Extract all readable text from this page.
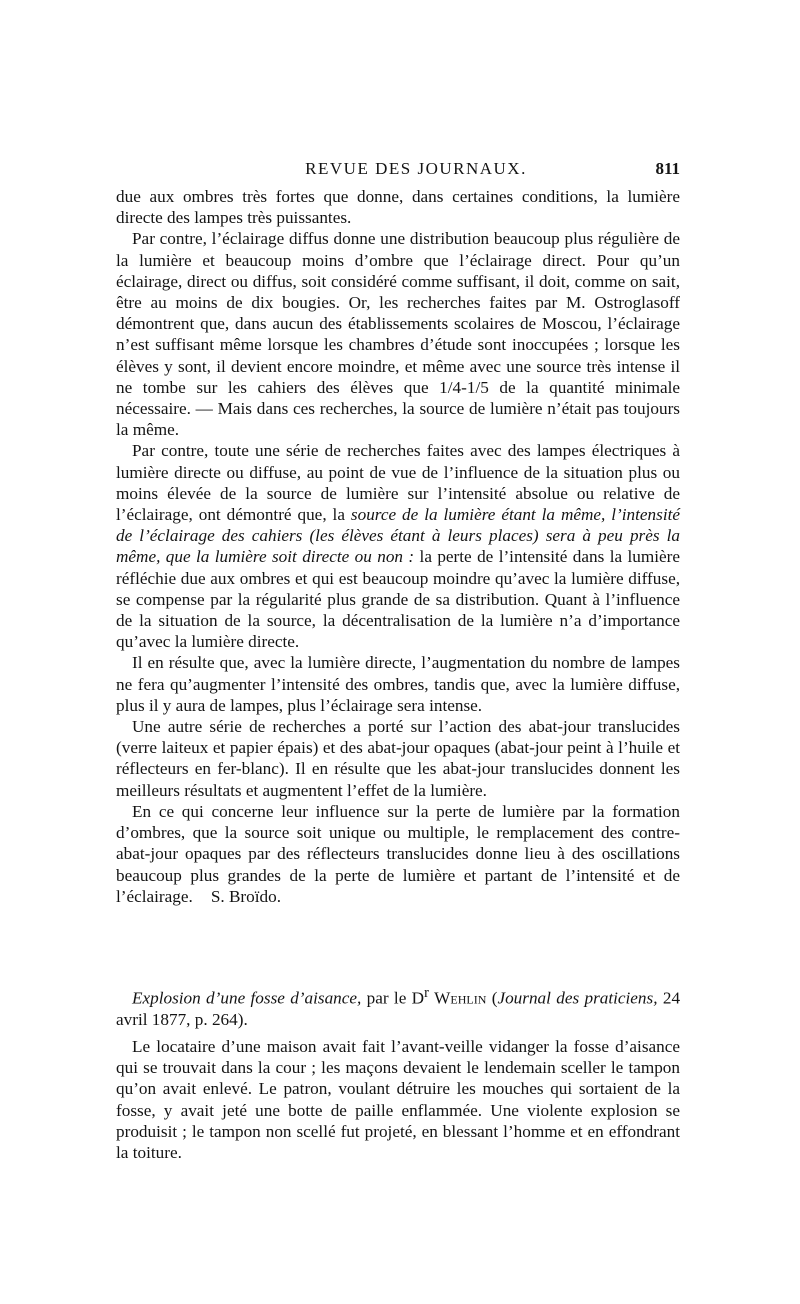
REVUE DES JOURNAUX.	811

due aux ombres très fortes que donne, dans certaines conditions, la lumière directe des lampes très puissantes.

Par contre, l’éclairage diffus donne une distribution beaucoup plus régulière de la lumière et beaucoup moins d’ombre que l’éclairage direct. Pour qu’un éclairage, direct ou diffus, soit considéré comme suffisant, il doit, comme on sait, être au moins de dix bougies. Or, les recherches faites par M. Ostroglasoff démontrent que, dans aucun des établissements scolaires de Moscou, l’éclairage n’est suffisant même lorsque les chambres d’étude sont inoccupées ; lorsque les élèves y sont, il devient encore moindre, et même avec une source très intense il ne tombe sur les cahiers des élèves que 1/4-1/5 de la quantité minimale nécessaire. — Mais dans ces recherches, la source de lumière n’était pas toujours la même.

Par contre, toute une série de recherches faites avec des lampes électriques à lumière directe ou diffuse, au point de vue de l’influence de la situation plus ou moins élevée de la source de lumière sur l’intensité absolue ou relative de l’éclairage, ont démontré que, la source de la lumière étant la même, l’intensité de l’éclairage des cahiers (les élèves étant à leurs places) sera à peu près la même, que la lumière soit directe ou non : la perte de l’intensité dans la lumière réfléchie due aux ombres et qui est beaucoup moindre qu’avec la lumière diffuse, se compense par la régularité plus grande de sa distribution. Quant à l’influence de la situation de la source, la décentralisation de la lumière n’a d’importance qu’avec la lumière directe.

Il en résulte que, avec la lumière directe, l’augmentation du nombre de lampes ne fera qu’augmenter l’intensité des ombres, tandis que, avec la lumière diffuse, plus il y aura de lampes, plus l’éclairage sera intense.

Une autre série de recherches a porté sur l’action des abat-jour translucides (verre laiteux et papier épais) et des abat-jour opaques (abat-jour peint à l’huile et réflecteurs en fer-blanc). Il en résulte que les abat-jour translucides donnent les meilleurs résultats et augmentent l’effet de la lumière.

En ce qui concerne leur influence sur la perte de lumière par la formation d’ombres, que la source soit unique ou multiple, le remplacement des contre-abat-jour opaques par des réflecteurs translucides donne lieu à des oscillations beaucoup plus grandes de la perte de lumière et partant de l’intensité et de l’éclairage. S. Broïdo.

Explosion d’une fosse d’aisance, par le $D^r$ Wehlin (Journal des praticiens, 24 avril 1877, p. 264).

Le locataire d’une maison avait fait l’avant-veille vidanger la fosse d’aisance qui se trouvait dans la cour ; les maçons devaient le lendemain sceller le tampon qu’on avait enlevé. Le patron, voulant détruire les mouches qui sortaient de la fosse, y avait jeté une botte de paille enflammée. Une violente explosion se produisit ; le tampon non scellé fut projeté, en blessant l’homme et en effondrant la toiture.
